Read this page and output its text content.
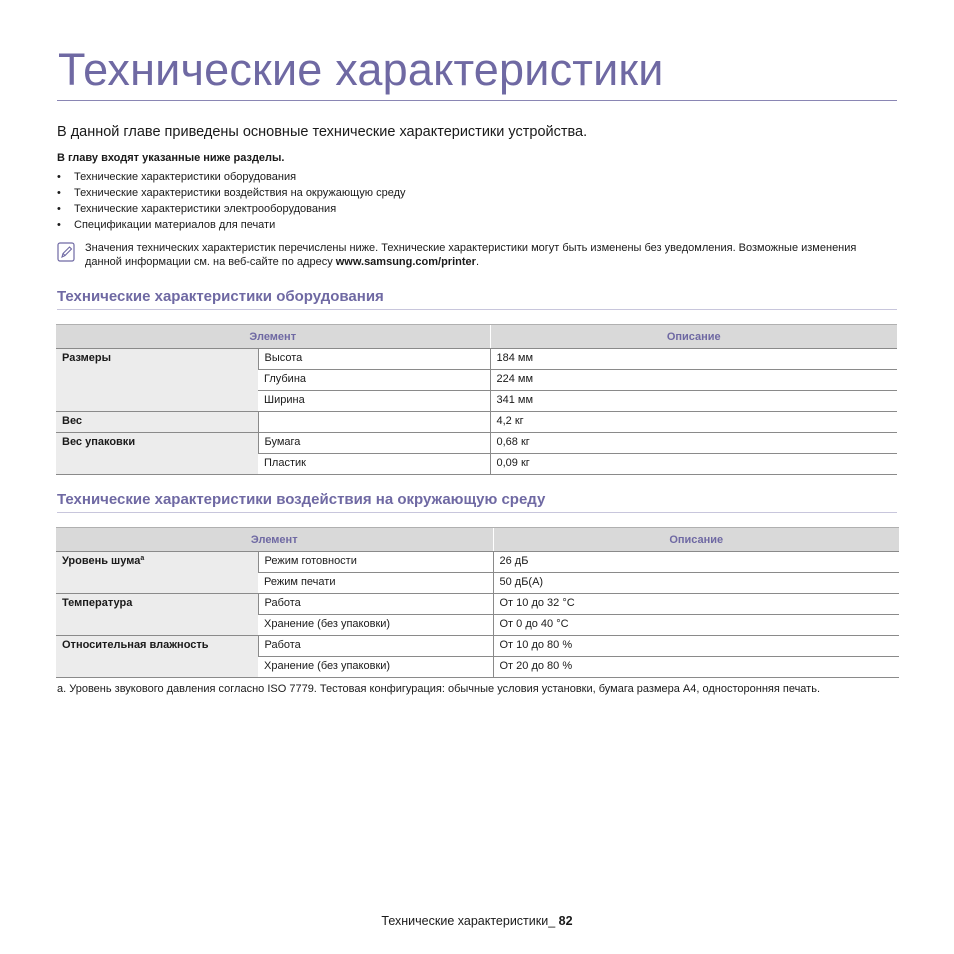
Технические характеристики

В данной главе приведены основные технические характеристики устройства.

В главу входят указанные ниже разделы.

• Технические характеристики оборудования
• Технические характеристики воздействия на окружающую среду
• Технические характеристики электрооборудования
• Спецификации материалов для печати
Значения технических характеристик перечислены ниже. Технические характеристики могут быть изменены без уведомления. Возможные изменения данной информации см. на веб-сайте по адресу www.samsung.com/printer.
Технические характеристики оборудования
Элемент		Описание
Размеры	Высота	184 мм
	Глубина	224 мм
	Ширина	341 мм
Вес		4,2 кг
Вес упаковки	Бумага	0,68 кг
	Пластик	0,09 кг
Технические характеристики воздействия на окружающую среду
Элемент		Описание
Уровень шума$^a$	Режим готовности	26 дБ
	Режим печати	50 дБ(A)
Температура	Работа	От 10 до 32 °C
	Хранение (без упаковки)	От 0 до 40 °C
Относительная влажность	Работа	От 10 до 80 %
	Хранение (без упаковки)	От 20 до 80 %

a. Уровень звукового давления согласно ISO 7779. Тестовая конфигурация: обычные условия установки, бумага размера A4, односторонняя печать.

Технические характеристики_ 82
